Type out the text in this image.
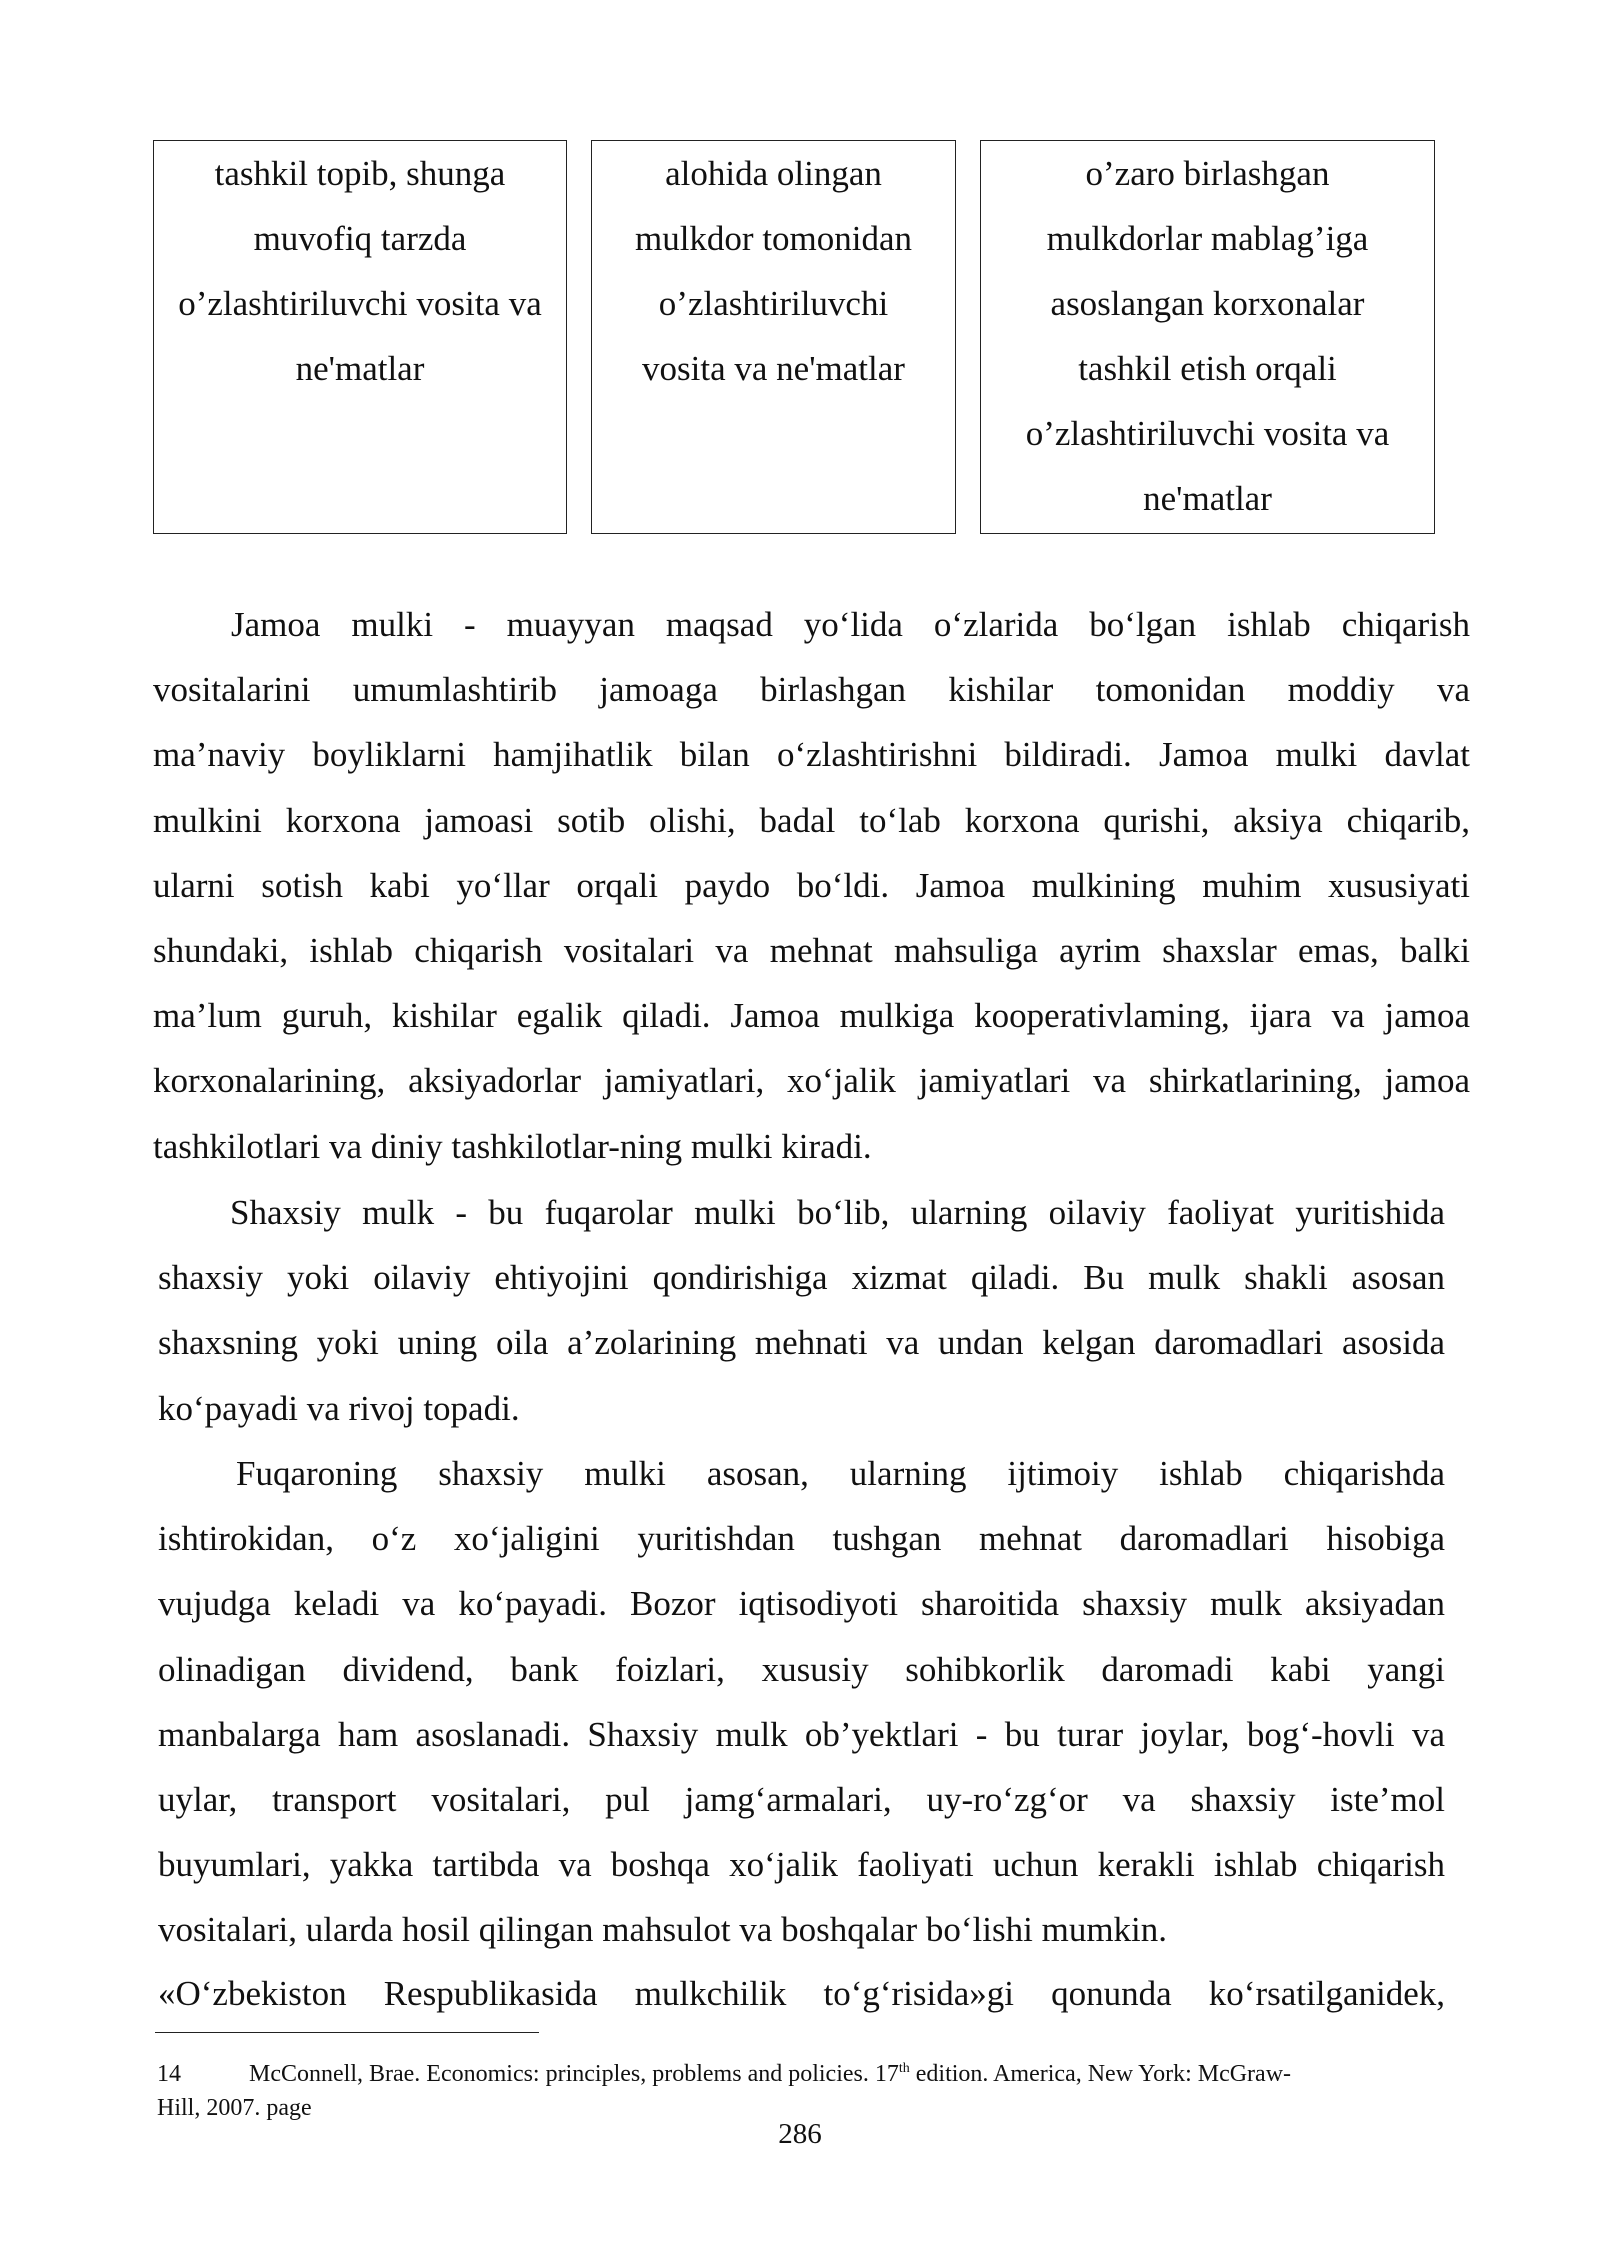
tashkil topib, shunga
muvofiq tarzda
o’zlashtiriluvchi vosita va
ne'matlar
alohida olingan
mulkdor tomonidan
o’zlashtiriluvchi
vosita va ne'matlar
o’zaro birlashgan
mulkdorlar mablag’iga
asoslangan korxonalar
tashkil etish orqali
o’zlashtiriluvchi vosita va
ne'matlar
Jamoa mulki - muayyan maqsad yo‘lida o‘zlarida bo‘lgan ishlab chiqarish
vositalarini umumlashtirib jamoaga birlashgan kishilar tomonidan moddiy va
ma’naviy boyliklarni hamjihatlik bilan o‘zlashtirishni bildiradi. Jamoa mulki davlat
mulkini korxona jamoasi sotib olishi, badal to‘lab korxona qurishi, aksiya chiqarib,
ularni sotish kabi yo‘llar orqali paydo bo‘ldi. Jamoa mulkining muhim xususiyati
shundaki, ishlab chiqarish vositalari va mehnat mahsuliga ayrim shaxslar emas, balki
ma’lum guruh, kishilar egalik qiladi. Jamoa mulkiga kooperativlaming, ijara va jamoa
korxonalarining, aksiyadorlar jamiyatlari, xo‘jalik jamiyatlari va shirkatlarining, jamoa
tashkilotlari va diniy tashkilotlar-ning mulki kiradi.
Shaxsiy mulk - bu fuqarolar mulki bo‘lib, ularning oilaviy faoliyat yuritishida
shaxsiy yoki oilaviy ehtiyojini qondirishiga xizmat qiladi. Bu mulk shakli asosan
shaxsning yoki uning oila a’zolarining mehnati va undan kelgan daromadlari asosida
ko‘payadi va rivoj topadi.
Fuqaroning shaxsiy mulki asosan, ularning ijtimoiy ishlab chiqarishda
ishtirokidan, o‘z xo‘jaligini yuritishdan tushgan mehnat daromadlari hisobiga
vujudga keladi va ko‘payadi. Bozor iqtisodiyoti sharoitida shaxsiy mulk aksiyadan
olinadigan dividend, bank foizlari, xususiy sohibkorlik daromadi kabi yangi
manbalarga ham asoslanadi. Shaxsiy mulk ob’yektlari - bu turar joylar, bog‘-hovli va
uylar, transport vositalari, pul jamg‘armalari, uy-ro‘zg‘or va shaxsiy iste’mol
buyumlari, yakka tartibda va boshqa xo‘jalik faoliyati uchun kerakli ishlab chiqarish
vositalari, ularda hosil qilingan mahsulot va boshqalar bo‘lishi mumkin.
«O‘zbekiston Respublikasida mulkchilik to‘g‘risida»gi qonunda ko‘rsatilganidek,
14	McConnell, Brae. Economics: principles, problems and policies. 17th edition. America, New York: McGraw-
Hill, 2007. page
286
